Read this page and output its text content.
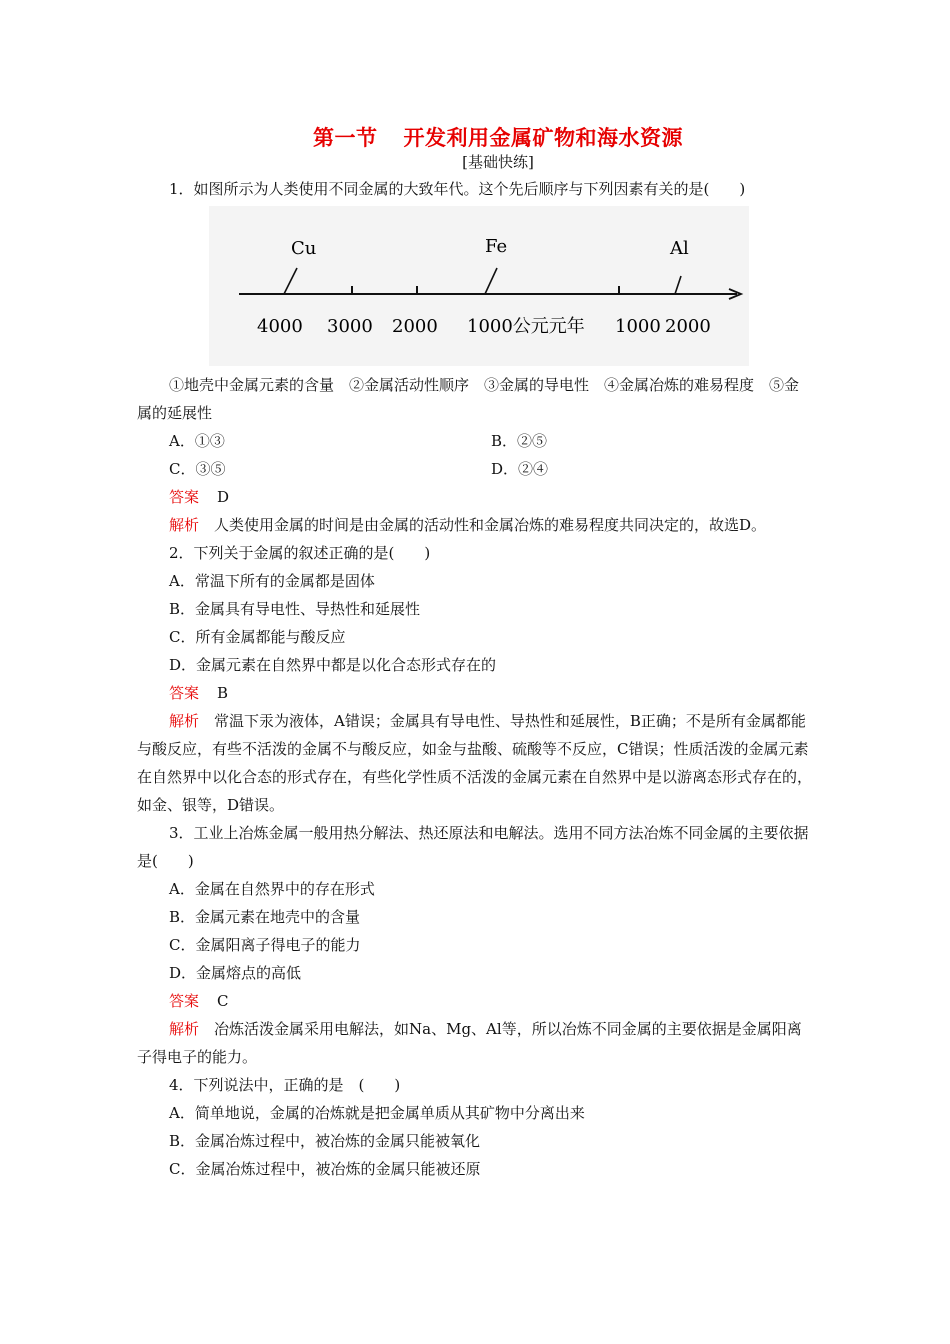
第一节 开发利用金属矿物和海水资源
[基础快练]

1．如图所示为人类使用不同金属的大致年代。这个先后顺序与下列因素有关的是(　　)

Cu	Fe	Al
4000 3000 2000 1000公元元年 1000 2000

①地壳中金属元素的含量　②金属活动性顺序　③金属的导电性　④金属冶炼的难易程度　⑤金属的延展性

A．①③	B．②⑤
C．③⑤	D．②④

答案 D

解析　 人类使用金属的时间是由金属的活动性和金属冶炼的难易程度共同决定的，故选D。

2．下列关于金属的叙述正确的是(　　)

A．常温下所有的金属都是固体

B．金属具有导电性、导热性和延展性

C．所有金属都能与酸反应

D．金属元素在自然界中都是以化合态形式存在的

答案 B

解析　 常温下汞为液体，A错误；金属具有导电性、导热性和延展性，B正确；不是所有金属都能与酸反应，有些不活泼的金属不与酸反应，如金与盐酸、硫酸等不反应，C错误；性质活泼的金属元素在自然界中以化合态的形式存在，有些化学性质不活泼的金属元素在自然界中是以游离态形式存在的，如金、银等，D错误。

3．工业上冶炼金属一般用热分解法、热还原法和电解法。选用不同方法冶炼不同金属的主要依据是(　　)

A．金属在自然界中的存在形式

B．金属元素在地壳中的含量

C．金属阳离子得电子的能力

D．金属熔点的高低

答案 C

解析　 冶炼活泼金属采用电解法，如Na、Mg、Al等，所以冶炼不同金属的主要依据是金属阳离子得电子的能力。

4．下列说法中，正确的是　(　　)

A．简单地说，金属的冶炼就是把金属单质从其矿物中分离出来

B．金属冶炼过程中，被冶炼的金属只能被氧化

C．金属冶炼过程中，被冶炼的金属只能被还原
